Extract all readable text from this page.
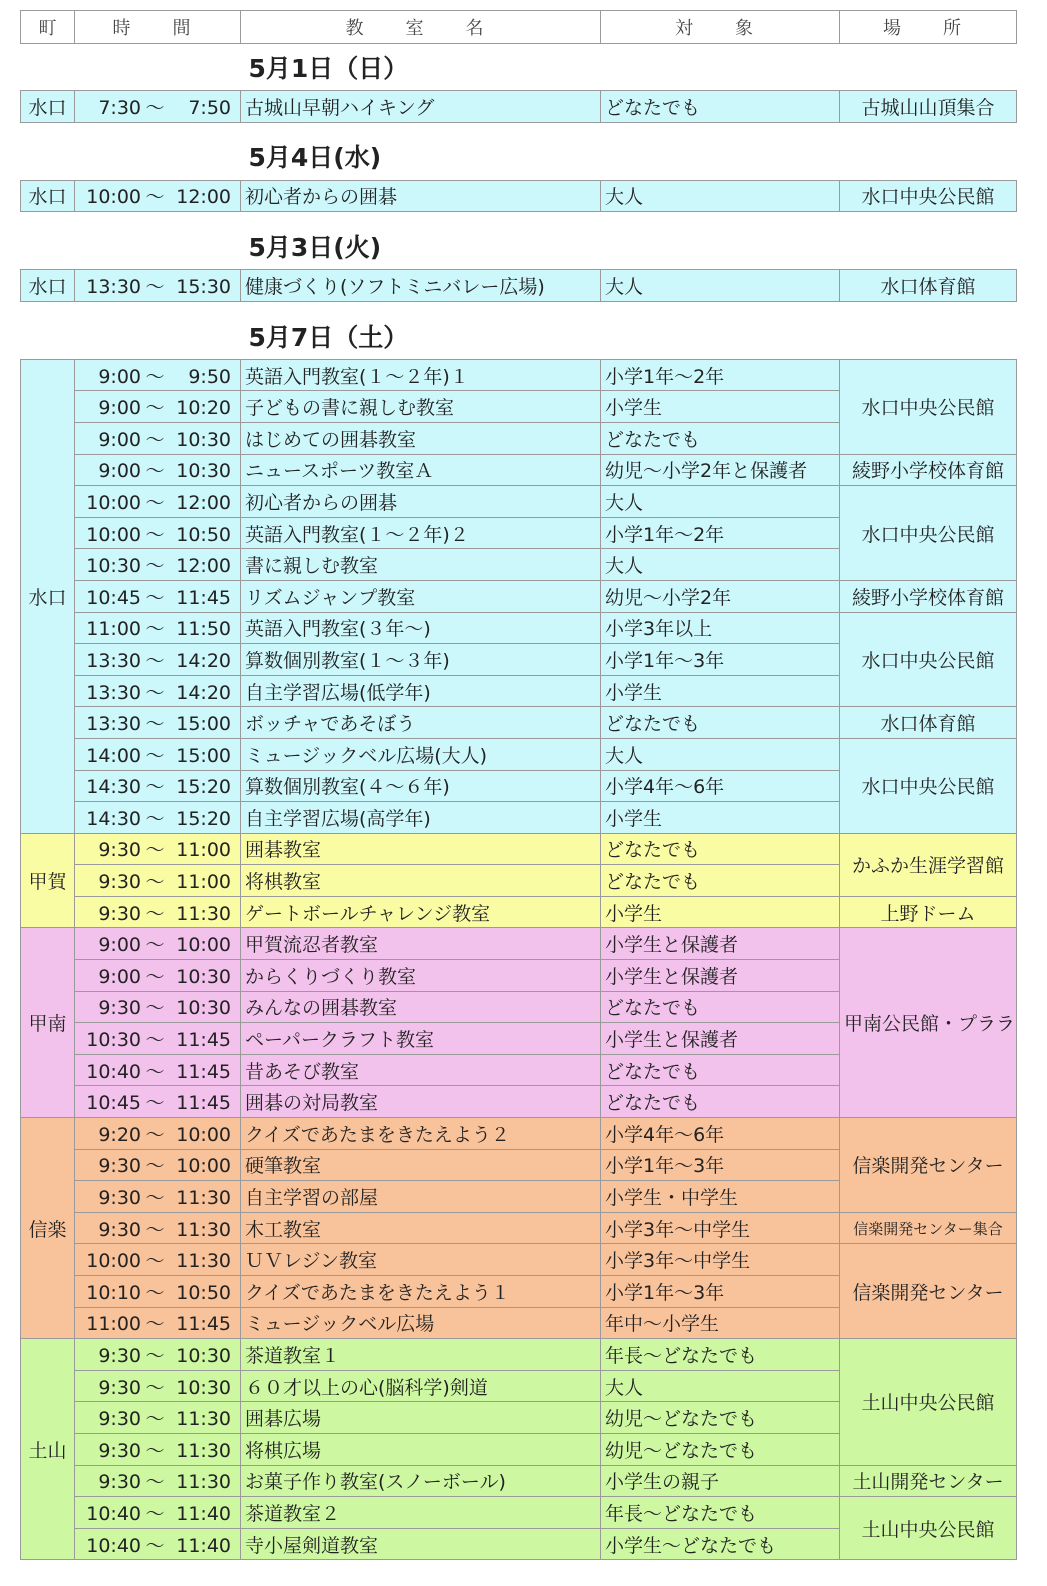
町	時　間	教　室　名	対　象	場　所
5月1日（日）				
水口	7:30 ～ 7:50	古城山早朝ハイキング	どなたでも	古城山山頂集合

5月4日(水)				
水口	10:00 ～ 12:00	初心者からの囲碁	大人	水口中央公民館

5月3日(火)				
水口	13:30 ～ 15:30	健康づくり(ソフトミニバレー広場)	大人	水口体育館

5月7日（土）				
水口	9:00 ～ 9:50	英語入門教室(１～２年)１	小学1年～2年	水口中央公民館
	9:00 ～ 10:20	子どもの書に親しむ教室	小学生	
	9:00 ～ 10:30	はじめての囲碁教室	どなたでも	
	9:00 ～ 10:30	ニュースポーツ教室Ａ	幼児～小学2年と保護者	綾野小学校体育館
	10:00 ～ 12:00	初心者からの囲碁	大人	水口中央公民館
	10:00 ～ 10:50	英語入門教室(１～２年)２	小学1年～2年	
	10:30 ～ 12:00	書に親しむ教室	大人	
	10:45 ～ 11:45	リズムジャンプ教室	幼児～小学2年	綾野小学校体育館
	11:00 ～ 11:50	英語入門教室(３年～)	小学3年以上	水口中央公民館
	13:30 ～ 14:20	算数個別教室(１～３年)	小学1年～3年	
	13:30 ～ 14:20	自主学習広場(低学年)	小学生	
	13:30 ～ 15:00	ボッチャであそぼう	どなたでも	水口体育館
	14:00 ～ 15:00	ミュージックベル広場(大人)	大人	水口中央公民館
	14:30 ～ 15:20	算数個別教室(４～６年)	小学4年～6年	
	14:30 ～ 15:20	自主学習広場(高学年)	小学生	
甲賀	9:30 ～ 11:00	囲碁教室	どなたでも	かふか生涯学習館
	9:30 ～ 11:00	将棋教室	どなたでも	
	9:30 ～ 11:30	ゲートボールチャレンジ教室	小学生	上野ドーム
甲南	9:00 ～ 10:00	甲賀流忍者教室	小学生と保護者	甲南公民館・プララ
	9:00 ～ 10:30	からくりづくり教室	小学生と保護者	
	9:30 ～ 10:30	みんなの囲碁教室	どなたでも	
	10:30 ～ 11:45	ペーパークラフト教室	小学生と保護者	
	10:40 ～ 11:45	昔あそび教室	どなたでも	
	10:45 ～ 11:45	囲碁の対局教室	どなたでも	
信楽	9:20 ～ 10:00	クイズであたまをきたえよう２	小学4年～6年	信楽開発センター
	9:30 ～ 10:00	硬筆教室	小学1年～3年	
	9:30 ～ 11:30	自主学習の部屋	小学生・中学生	
	9:30 ～ 11:30	木工教室	小学3年～中学生	信楽開発センター集合
	10:00 ～ 11:30	ＵＶレジン教室	小学3年～中学生	信楽開発センター
	10:10 ～ 10:50	クイズであたまをきたえよう１	小学1年～3年	
	11:00 ～ 11:45	ミュージックベル広場	年中～小学生	
土山	9:30 ～ 10:30	茶道教室１	年長～どなたでも	土山中央公民館
	9:30 ～ 10:30	６０才以上の心(脳科学)剣道	大人	
	9:30 ～ 11:30	囲碁広場	幼児～どなたでも	
	9:30 ～ 11:30	将棋広場	幼児～どなたでも	
	9:30 ～ 11:30	お菓子作り教室(スノーボール)	小学生の親子	土山開発センター
	10:40 ～ 11:40	茶道教室２	年長～どなたでも	土山中央公民館
	10:40 ～ 11:40	寺小屋剣道教室	小学生～どなたでも	
